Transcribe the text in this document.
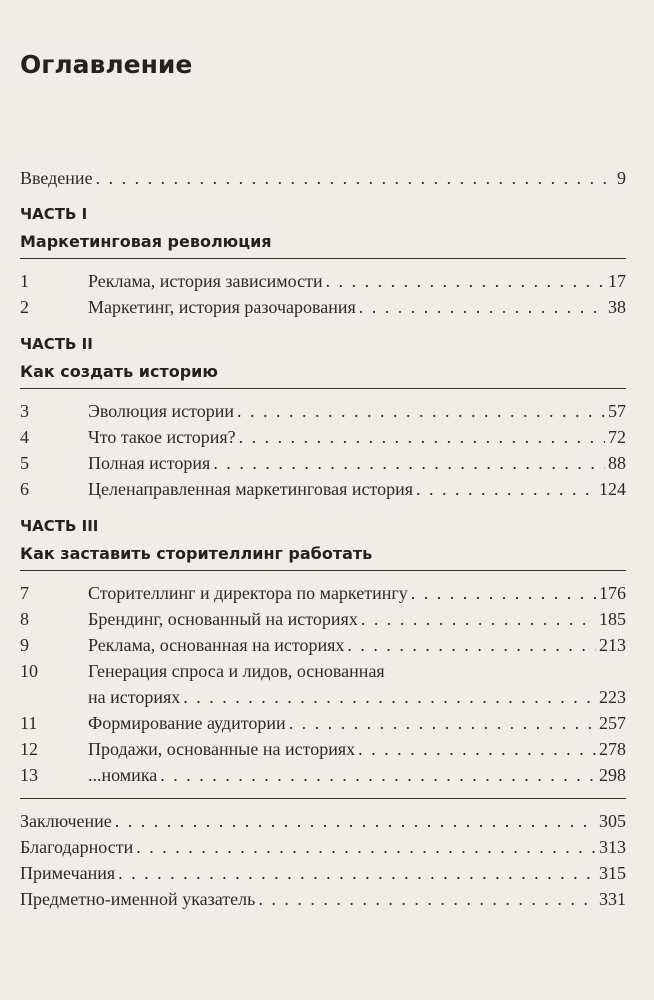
Оглавление
Введение . . .	9
ЧАСТЬ I
Маркетинговая революция
1	Реклама, история зависимости . . .	17
2	Маркетинг, история разочарования . . .	38
ЧАСТЬ II
Как создать историю
3	Эволюция истории . . .	57
4	Что такое история? . . .	72
5	Полная история . . .	88
6	Целенаправленная маркетинговая история . . .	124
ЧАСТЬ III
Как заставить сторителлинг работать
7	Сторителлинг и директора по маркетингу . . .	176
8	Брендинг, основанный на историях . . .	185
9	Реклама, основанная на историях . . .	213
10	Генерация спроса и лидов, основанная
на историях . . .	223
11	Формирование аудитории . . .	257
12	Продажи, основанные на историях . . .	278
13	...номика . . .	298
Заключение . . .	305
Благодарности . . .	313
Примечания . . .	315
Предметно-именной указатель . . .	331
